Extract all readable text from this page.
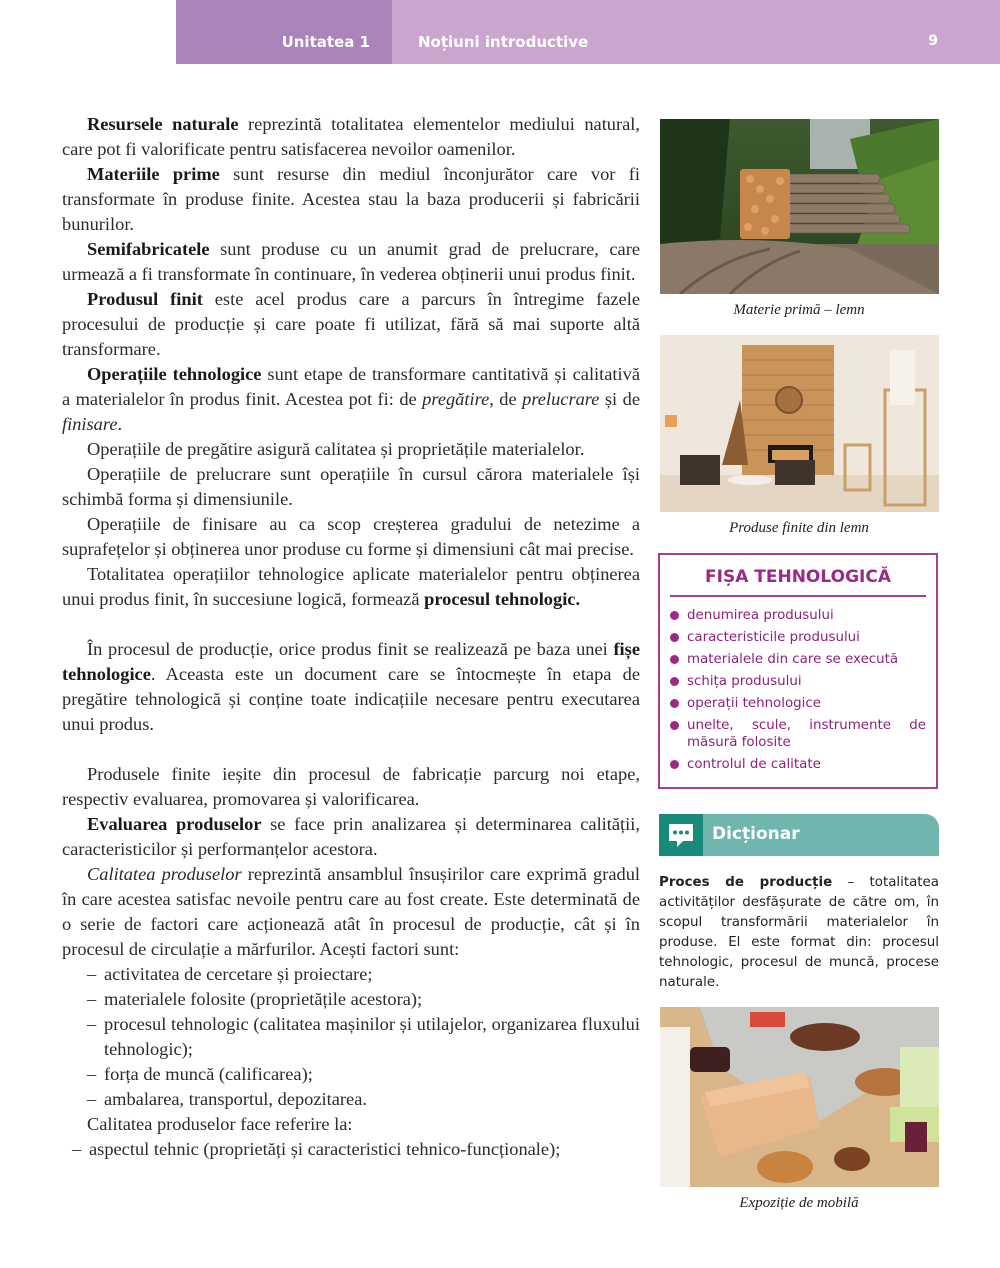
Unitatea 1	Noțiuni introductive	9

Resursele naturale reprezintă totalitatea elementelor mediului natural, care pot fi valorificate pentru satisfacerea nevoilor oamenilor.

Materiile prime sunt resurse din mediul înconjurător care vor fi transformate în produse finite. Acestea stau la baza producerii și fabricării bunurilor.

Semifabricatele sunt produse cu un anumit grad de prelucrare, care urmează a fi transformate în continuare, în vederea obținerii unui produs finit.

Produsul finit este acel produs care a parcurs în întregime fazele procesului de producție și care poate fi utilizat, fără să mai suporte altă transformare.

Operațiile tehnologice sunt etape de transformare cantitativă și calitativă a materialelor în produs finit. Acestea pot fi: de pregătire, de prelucrare și de finisare.

Operațiile de pregătire asigură calitatea și proprietățile materialelor.

Operațiile de prelucrare sunt operațiile în cursul cărora materialele își schimbă forma și dimensiunile.

Operațiile de finisare au ca scop creșterea gradului de netezime a suprafețelor și obținerea unor produse cu forme și dimensiuni cât mai precise.

Totalitatea operațiilor tehnologice aplicate materialelor pentru obținerea unui produs finit, în succesiune logică, formează procesul tehnologic.

În procesul de producție, orice produs finit se realizează pe baza unei fișe tehnologice. Aceasta este un document care se întocmește în etapa de pregătire tehnologică și conține toate indicațiile necesare pentru executarea unui produs.

Produsele finite ieșite din procesul de fabricație parcurg noi etape, respectiv evaluarea, promovarea și valorificarea.

Evaluarea produselor se face prin analizarea și determinarea calității, caracteristicilor și performanțelor acestora.

Calitatea produselor reprezintă ansamblul însușirilor care exprimă gradul în care acestea satisfac nevoile pentru care au fost create. Este determinată de o serie de factori care acționează atât în procesul de producție, cât și în procesul de circulație a mărfurilor. Acești factori sunt:

– activitatea de cercetare și proiectare;
– materialele folosite (proprietățile acestora);
– procesul tehnologic (calitatea mașinilor și utilajelor, organizarea fluxului tehnologic);
– forța de muncă (calificarea);
– ambalarea, transportul, depozitarea.

Calitatea produselor face referire la:

– aspectul tehnic (proprietăți și caracteristici tehnico-funcționale);
Materie primă – lemn
Produse finite din lemn
FIȘA TEHNOLOGICĂ
denumirea produsului
caracteristicile produsului
materialele din care se execută
schița produsului
operații tehnologice
unelte, scule, instrumente de măsură folosite
controlul de calitate
Dicționar
Proces de producție – totalitatea activităților desfășurate de către om, în scopul transformării materialelor în produse. El este format din: procesul tehnologic, procesul de muncă, procese naturale.
Expoziție de mobilă
